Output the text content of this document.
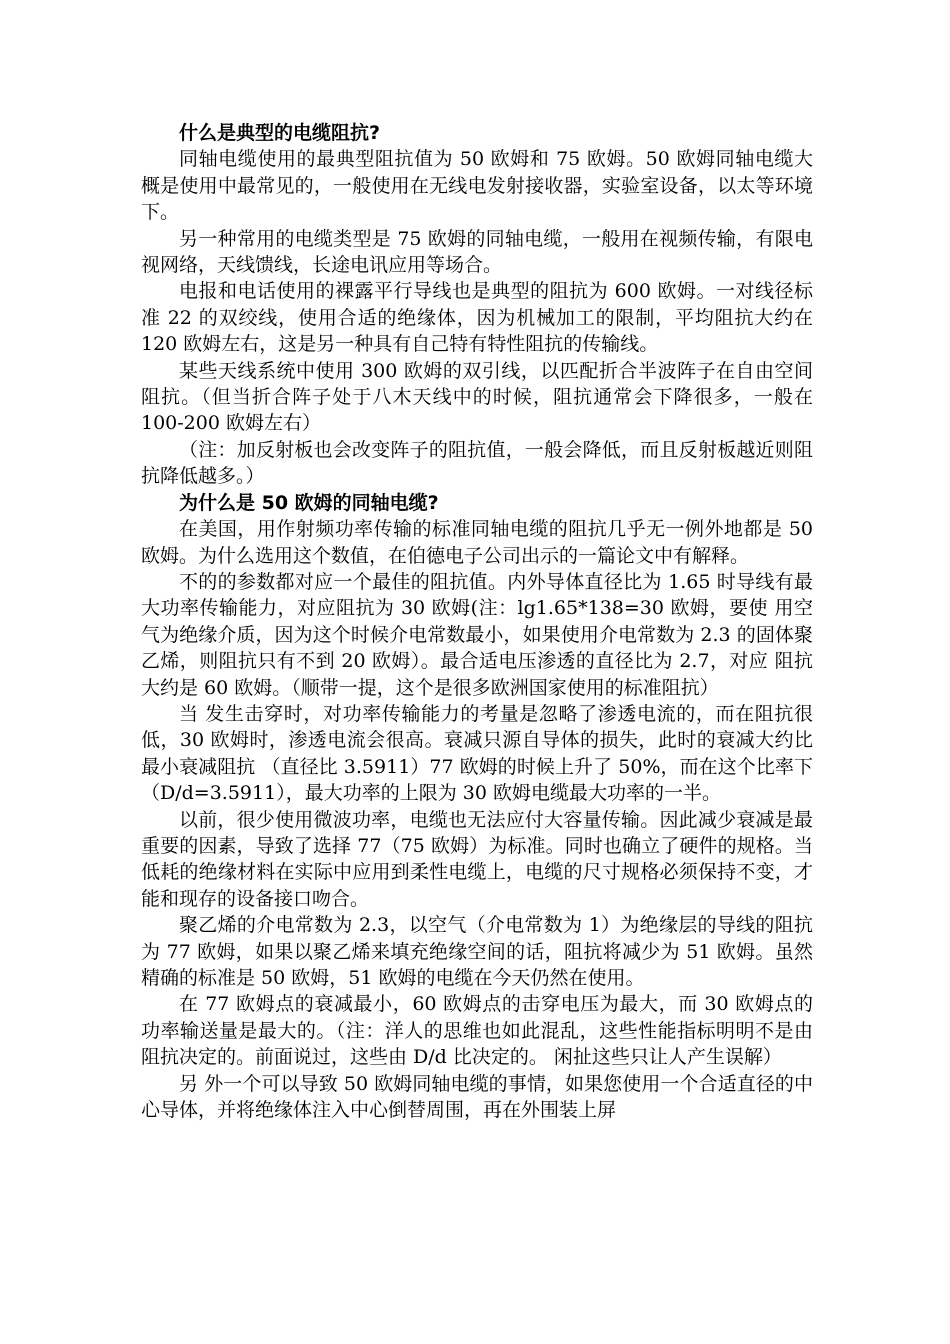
什么是典型的电缆阻抗?

同轴电缆使用的最典型阻抗值为 50 欧姆和 75 欧姆。50 欧姆同轴电缆大概是使用中最常见的，一般使用在无线电发射接收器，实验室设备，以太等环境下。

另一种常用的电缆类型是 75 欧姆的同轴电缆，一般用在视频传输，有限电视网络，天线馈线，长途电讯应用等场合。

电报和电话使用的裸露平行导线也是典型的阻抗为 600 欧姆。一对线径标准 22 的双绞线，使用合适的绝缘体，因为机械加工的限制，平均阻抗大约在 120 欧姆左右，这是另一种具有自己特有特性阻抗的传输线。

某些天线系统中使用 300 欧姆的双引线，以匹配折合半波阵子在自由空间阻抗。（但当折合阵子处于八木天线中的时候，阻抗通常会下降很多，一般在 100-200 欧姆左右）

（注：加反射板也会改变阵子的阻抗值，一般会降低，而且反射板越近则阻抗降低越多。）

为什么是 50 欧姆的同轴电缆?

在美国，用作射频功率传输的标准同轴电缆的阻抗几乎无一例外地都是 50 欧姆。为什么选用这个数值，在伯德电子公司出示的一篇论文中有解释。

不的的参数都对应一个最佳的阻抗值。内外导体直径比为 1.65 时导线有最大功率传输能力，对应阻抗为 30 欧姆(注：lg1.65*138=30 欧姆，要使 用空气为绝缘介质，因为这个时候介电常数最小，如果使用介电常数为 2.3 的固体聚乙烯，则阻抗只有不到 20 欧姆）。最合适电压渗透的直径比为 2.7，对应 阻抗大约是 60 欧姆。（顺带一提，这个是很多欧洲国家使用的标准阻抗）

当 发生击穿时，对功率传输能力的考量是忽略了渗透电流的，而在阻抗很低，30 欧姆时，渗透电流会很高。衰减只源自导体的损失，此时的衰减大约比最小衰减阻抗 （直径比 3.5911）77 欧姆的时候上升了 50%，而在这个比率下（D/d=3.5911），最大功率的上限为 30 欧姆电缆最大功率的一半。

以前，很少使用微波功率，电缆也无法应付大容量传输。因此减少衰减是最重要的因素，导致了选择 77（75 欧姆）为标准。同时也确立了硬件的规格。当低耗的绝缘材料在实际中应用到柔性电缆上，电缆的尺寸规格必须保持不变，才能和现存的设备接口吻合。

聚乙烯的介电常数为 2.3，以空气（介电常数为 1）为绝缘层的导线的阻抗为 77 欧姆，如果以聚乙烯来填充绝缘空间的话，阻抗将减少为 51 欧姆。虽然精确的标准是 50 欧姆，51 欧姆的电缆在今天仍然在使用。

在 77 欧姆点的衰减最小，60 欧姆点的击穿电压为最大，而 30 欧姆点的功率输送量是最大的。（注：洋人的思维也如此混乱，这些性能指标明明不是由阻抗决定的。前面说过，这些由 D/d 比决定的。 闲扯这些只让人产生误解）

另 外一个可以导致 50 欧姆同轴电缆的事情，如果您使用一个合适直径的中心导体，并将绝缘体注入中心倒替周围，再在外围装上屏
